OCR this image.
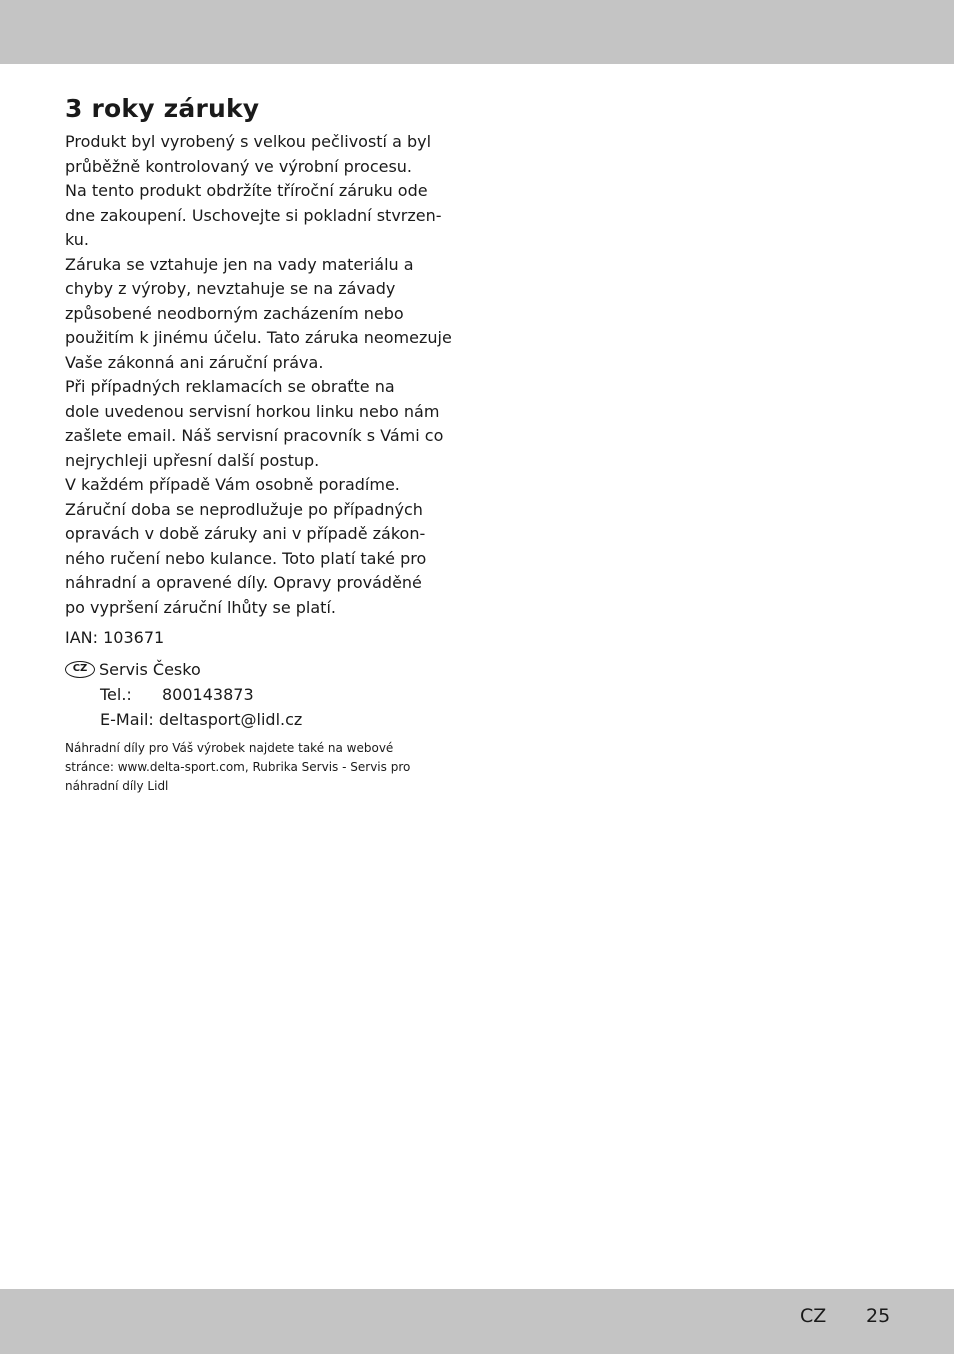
3 roky záruky
Produkt byl vyrobený s velkou pečlivostí a byl
průběžně kontrolovaný ve výrobní procesu.
Na tento produkt obdržíte tříroční záruku ode
dne zakoupení. Uschovejte si pokladní stvrzen-
ku.
Záruka se vztahuje jen na vady materiálu a
chyby z výroby, nevztahuje se na závady
způsobené neodborným zacházením nebo
použitím k jinému účelu. Tato záruka neomezuje
Vaše zákonná ani záruční práva.
Při případných reklamacích se obraťte na
dole uvedenou servisní horkou linku nebo nám
zašlete email. Náš servisní pracovník s Vámi co
nejrychleji upřesní další postup.
V každém případě Vám osobně poradíme.
Záruční doba se neprodlužuje po případných
opravách v době záruky ani v případě zákon-
ného ručení nebo kulance. Toto platí také pro
náhradní a opravené díly. Opravy prováděné
po vypršení záruční lhůty se platí.

IAN: 103671

CZ Servis Česko
Tel.: 800143873
E-Mail: deltasport@lidl.cz
Náhradní díly pro Váš výrobek najdete také na webové
stránce: www.delta-sport.com, Rubrika Servis - Servis pro
náhradní díly Lidl
CZ 25
